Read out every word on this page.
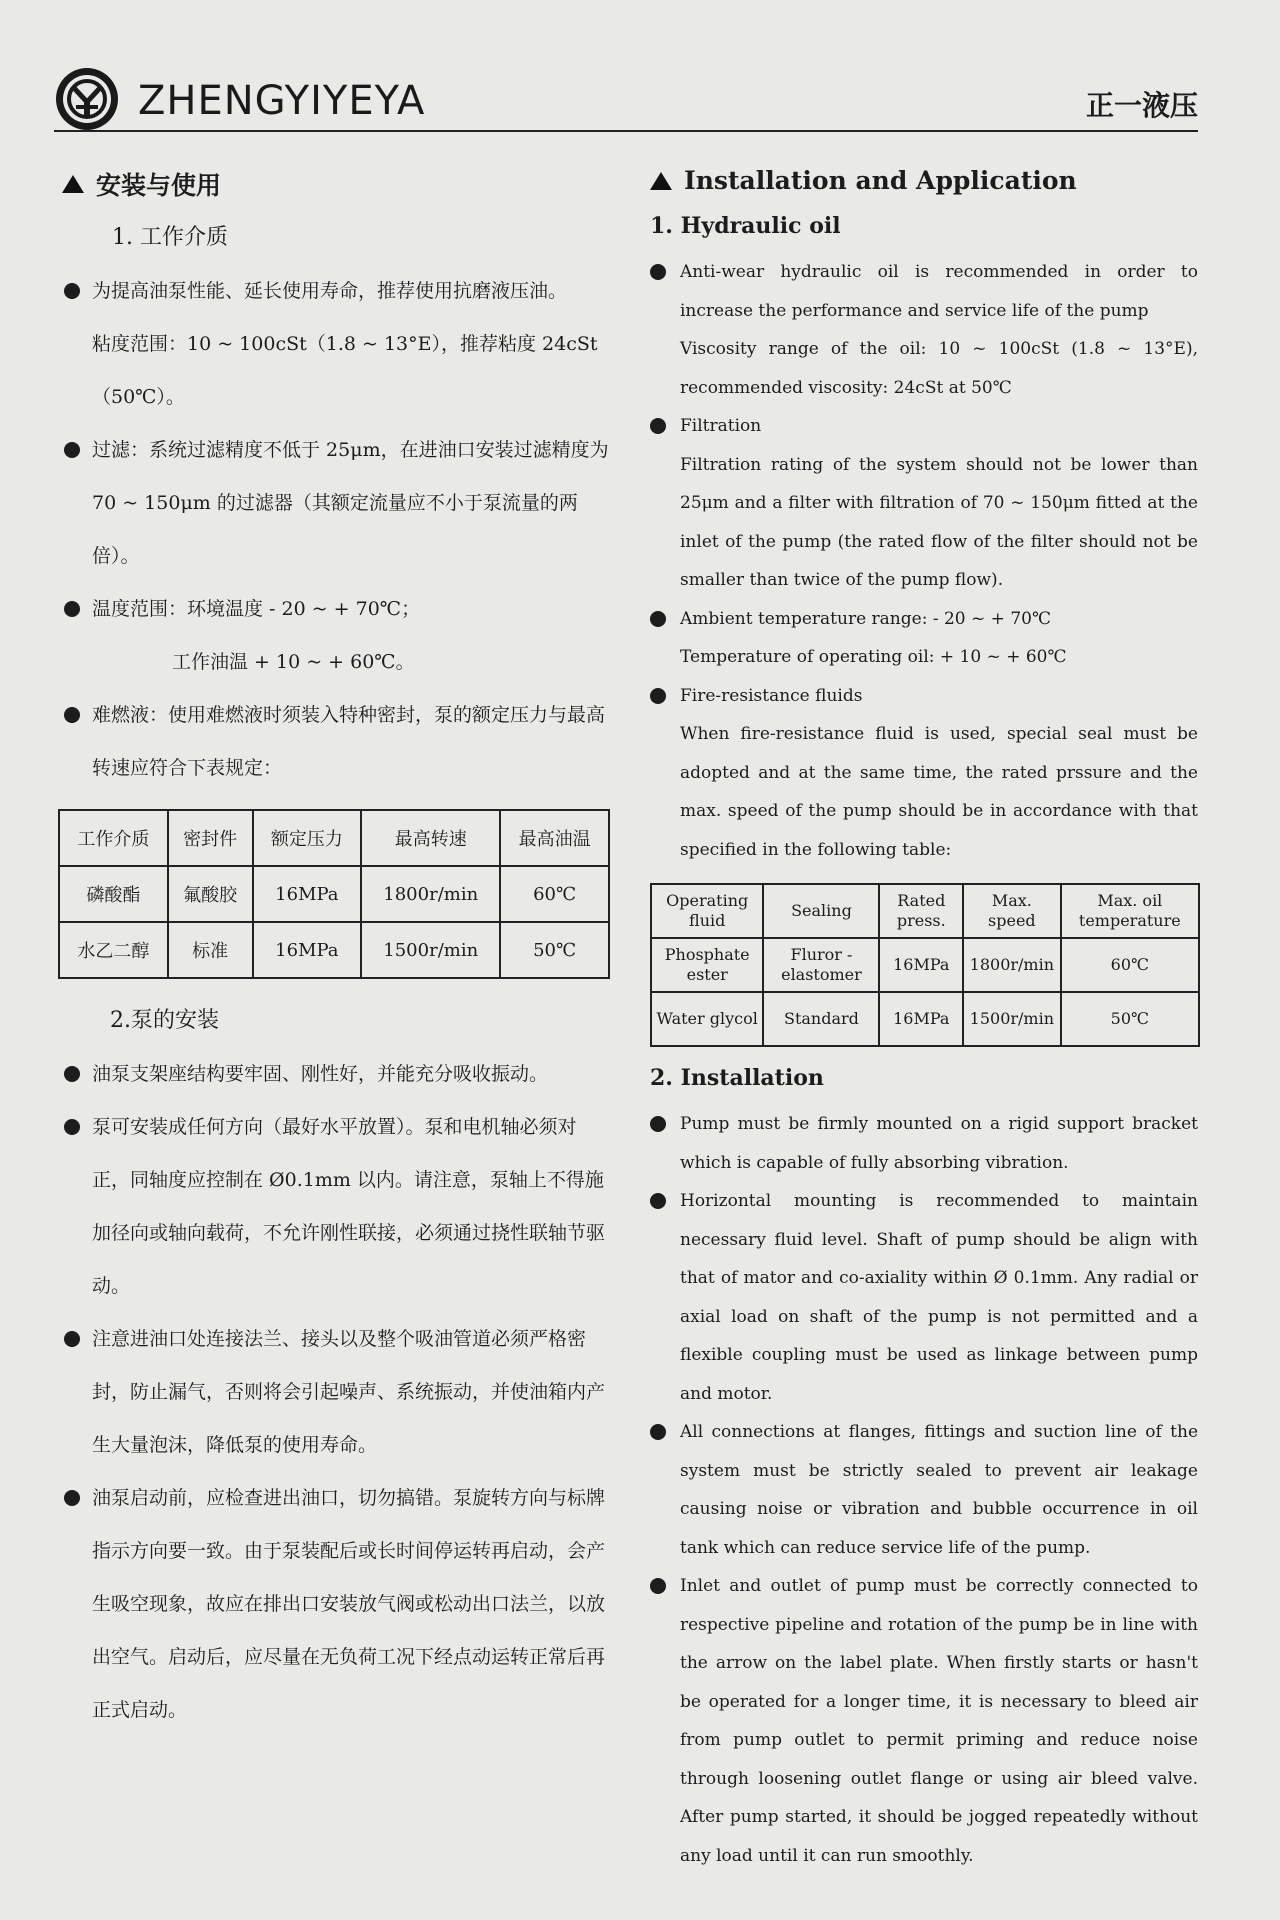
ZHENGYIYEYA	正一液压
安装与使用
1. 工作介质

为提高油泵性能、延长使用寿命，推荐使用抗磨液压油。

粘度范围：10 ~ 100cSt（1.8 ~ 13°E），推荐粘度 24cSt（50℃）。

过滤：系统过滤精度不低于 25μm，在进油口安装过滤精度为 70 ~ 150μm 的过滤器（其额定流量应不小于泵流量的两倍）。

温度范围：环境温度 - 20 ~ + 70℃；

工作油温 + 10 ~ + 60℃。

难燃液：使用难燃液时须装入特种密封，泵的额定压力与最高转速应符合下表规定：

工作介质	密封件	额定压力	最高转速	最高油温
磷酸酯	氟酸胶	16MPa	1800r/min	60℃
水乙二醇	标准	16MPa	1500r/min	50℃
2.泵的安装

油泵支架座结构要牢固、刚性好，并能充分吸收振动。

泵可安装成任何方向（最好水平放置）。泵和电机轴必须对正，同轴度应控制在 Ø0.1mm 以内。请注意，泵轴上不得施加径向或轴向载荷，不允许刚性联接，必须通过挠性联轴节驱动。

注意进油口处连接法兰、接头以及整个吸油管道必须严格密封，防止漏气，否则将会引起噪声、系统振动，并使油箱内产生大量泡沫，降低泵的使用寿命。

油泵启动前，应检查进出油口，切勿搞错。泵旋转方向与标牌指示方向要一致。由于泵装配后或长时间停运转再启动，会产生吸空现象，故应在排出口安装放气阀或松动出口法兰，以放出空气。启动后，应尽量在无负荷工况下经点动运转正常后再正式启动。

Installation and Application
1. Hydraulic oil

Anti-wear hydraulic oil is recommended in order to increase the performance and service life of the pump

Viscosity range of the oil: 10 ~ 100cSt (1.8 ~ 13°E), recommended viscosity: 24cSt at 50℃

Filtration

Filtration rating of the system should not be lower than 25μm and a filter with filtration of 70 ~ 150μm fitted at the inlet of the pump (the rated flow of the filter should not be smaller than twice of the pump flow).

Ambient temperature range: - 20 ~ + 70℃

Temperature of operating oil: + 10 ~ + 60℃

Fire-resistance fluids

When fire-resistance fluid is used, special seal must be adopted and at the same time, the rated prssure and the max. speed of the pump should be in accordance with that specified in the following table:

Operating fluid	Sealing	Rated press.	Max. speed	Max. oil temperature
Phosphate ester	Fluror - elastomer	16MPa	1800r/min	60℃
Water glycol	Standard	16MPa	1500r/min	50℃
2. Installation

Pump must be firmly mounted on a rigid support bracket which is capable of fully absorbing vibration.

Horizontal mounting is recommended to maintain necessary fluid level. Shaft of pump should be align with that of mator and co-axiality within Ø 0.1mm. Any radial or axial load on shaft of the pump is not permitted and a flexible coupling must be used as linkage between pump and motor.

All connections at flanges, fittings and suction line of the system must be strictly sealed to prevent air leakage causing noise or vibration and bubble occurrence in oil tank which can reduce service life of the pump.

Inlet and outlet of pump must be correctly connected to respective pipeline and rotation of the pump be in line with the arrow on the label plate. When firstly starts or hasn't be operated for a longer time, it is necessary to bleed air from pump outlet to permit priming and reduce noise through loosening outlet flange or using air bleed valve. After pump started, it should be jogged repeatedly without any load until it can run smoothly.
